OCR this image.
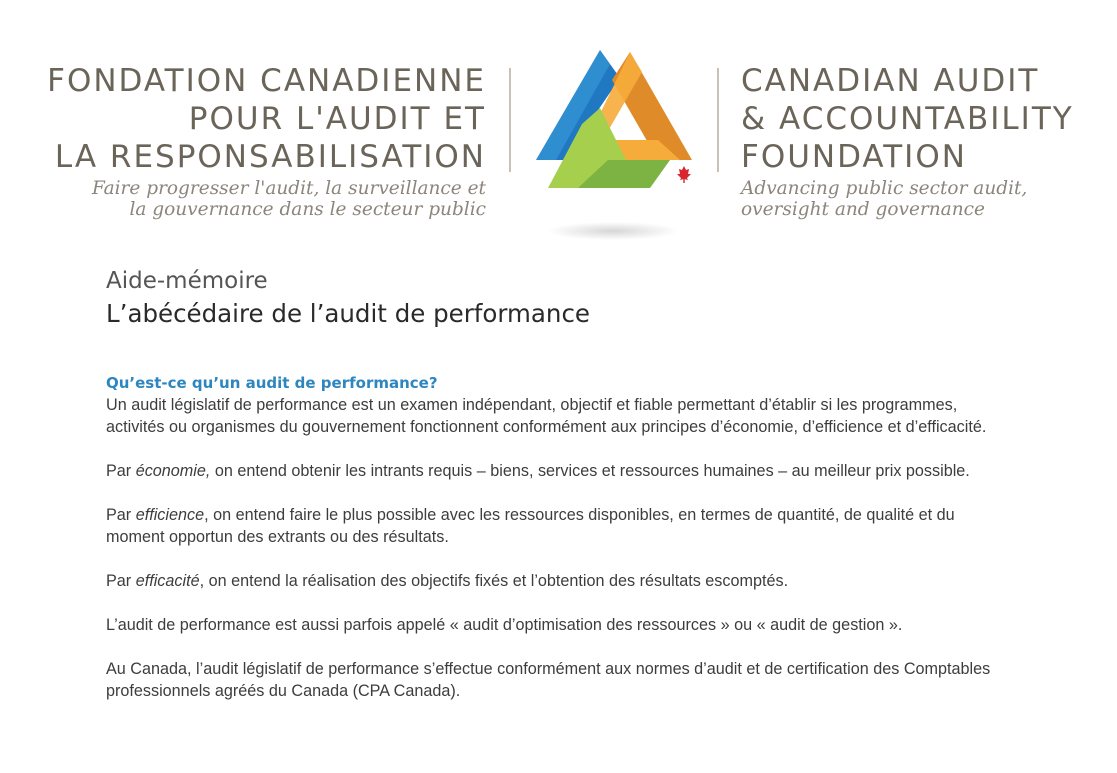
FONDATION CANADIENNE
POUR L'AUDIT ET
LA RESPONSABILISATION
Faire progresser l'audit, la surveillance et
la gouvernance dans le secteur public
CANADIAN AUDIT
& ACCOUNTABILITY
FOUNDATION
Advancing public sector audit,
oversight and governance
Aide-mémoire
L’abécédaire de l’audit de performance
Qu’est-ce qu’un audit de performance?

Un audit législatif de performance est un examen indépendant, objectif et fiable permettant d’établir si les programmes, activités ou organismes du gouvernement fonctionnent conformément aux principes d’économie, d’efficience et d’efficacité.

Par économie, on entend obtenir les intrants requis – biens, services et ressources humaines – au meilleur prix possible.

Par efficience, on entend faire le plus possible avec les ressources disponibles, en termes de quantité, de qualité et du moment opportun des extrants ou des résultats.

Par efficacité, on entend la réalisation des objectifs fixés et l’obtention des résultats escomptés.

L’audit de performance est aussi parfois appelé « audit d’optimisation des ressources » ou « audit de gestion ».

Au Canada, l’audit législatif de performance s’effectue conformément aux normes d’audit et de certification des Comptables professionnels agréés du Canada (CPA Canada).
